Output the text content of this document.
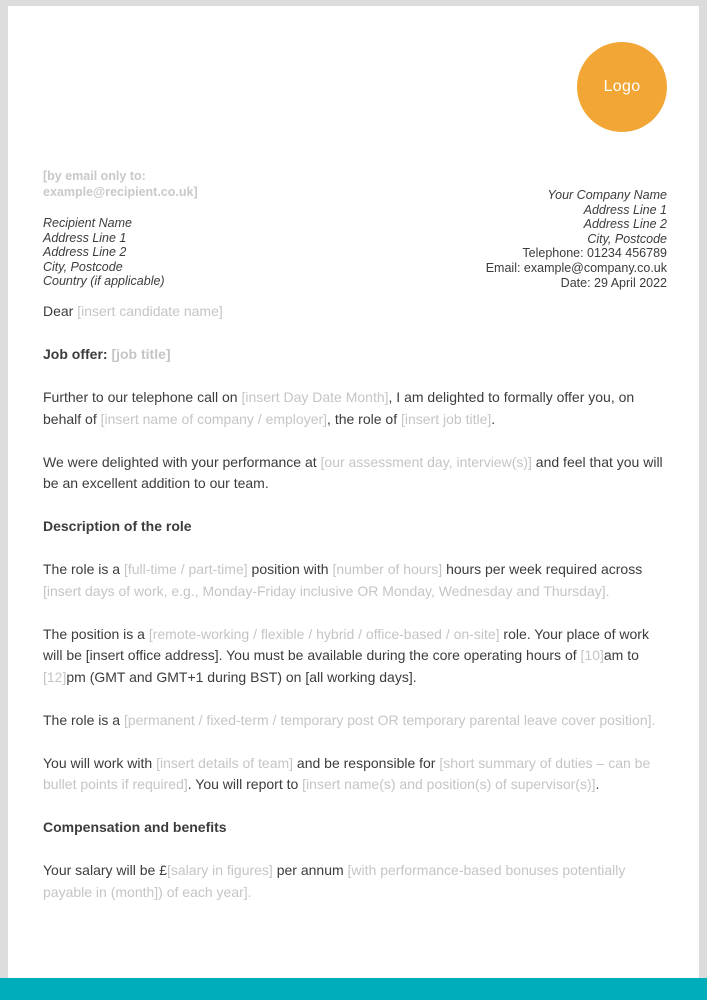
Logo
[by email only to:
example@recipient.co.uk]
Recipient Name
Address Line 1
Address Line 2
City, Postcode
Country (if applicable)
Your Company Name
Address Line 1
Address Line 2
City, Postcode
Telephone: 01234 456789
Email: example@company.co.uk
Date: 29 April 2022

Dear [insert candidate name]

Job offer: [job title]

Further to our telephone call on [insert Day Date Month], I am delighted to formally offer you, on behalf of [insert name of company / employer], the role of [insert job title].

We were delighted with your performance at [our assessment day, interview(s)] and feel that you will be an excellent addition to our team.

Description of the role

The role is a [full-time / part-time] position with [number of hours] hours per week required across [insert days of work, e.g., Monday-Friday inclusive OR Monday, Wednesday and Thursday].

The position is a [remote-working / flexible / hybrid / office-based / on-site] role. Your place of work will be [insert office address]. You must be available during the core operating hours of [10]am to [12]pm (GMT and GMT+1 during BST) on [all working days].

The role is a [permanent / fixed-term / temporary post OR temporary parental leave cover position].

You will work with [insert details of team] and be responsible for [short summary of duties – can be bullet points if required]. You will report to [insert name(s) and position(s) of supervisor(s)].

Compensation and benefits

Your salary will be £[salary in figures] per annum [with performance-based bonuses potentially payable in (month]) of each year].
